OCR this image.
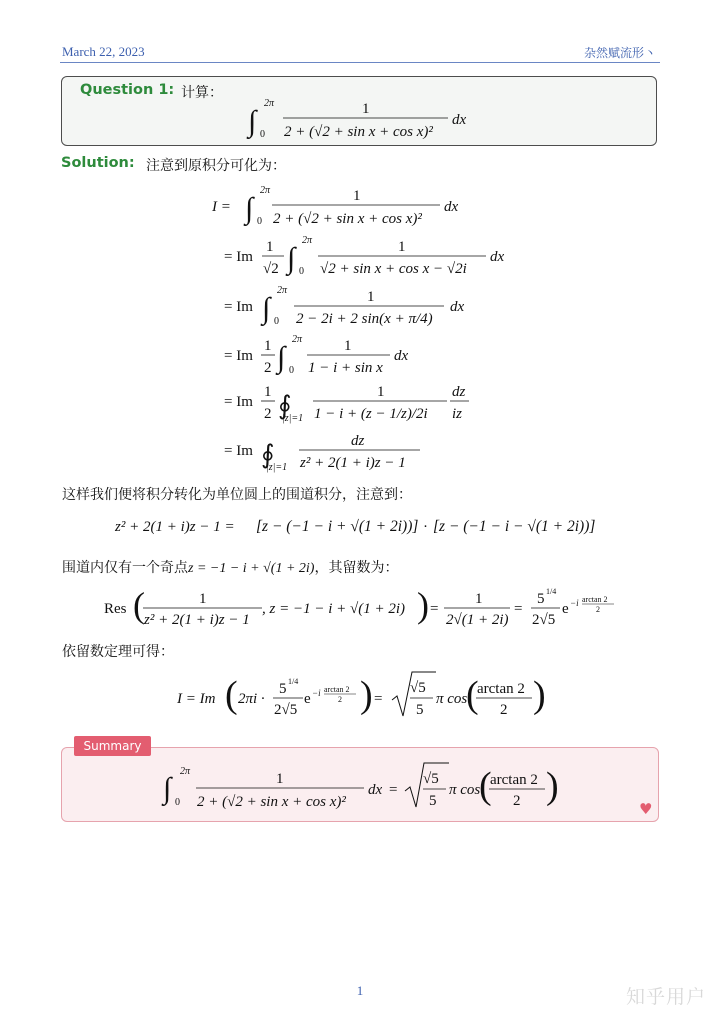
March 22, 2023	杂然赋流形丶
Question 1: 计算：
Solution: 注意到原积分可化为：
这样我们便将积分转化为单位圆上的围道积分，注意到：
围道内仅有一个奇点z = −1 − i + √(1 + 2i)，其留数为：
依留数定理可得：
Summary
♥
1	知乎用户
∫
2π
0
1
2 + (√2 + sin x + cos x)²
dx
I = ∫
2π
0
1
2 + (√2 + sin x + cos x)²
dx
= Im
1
√2 ∫
2π
0
1
√2 + sin x + cos x − √2i
dx
= Im ∫
2π
0
1
2 − 2i + 2 sin(x + π/4)
dx
= Im
1
2 ∫
2π
0
1
1 − i + sin x
dx
= Im
1
2 ∮
|z|=1
1
1 − i + (z − 1/z)/2i
dz
iz
= Im ∮
|z|=1
dz
z² + 2(1 + i)z − 1
z² + 2(1 + i)z − 1 = [z − (−1 − i + √(1 + 2i))] · [z − (−1 − i − √(1 + 2i))]
Res (	1
z² + 2(1 + i)z − 1
, z = −1 − i + √(1 + 2i) ) =
1
2√(1 + 2i)
=
5 1/4
2√5
e −i arctan 2
2
I = Im ( 2πi ·
5 1/4
2√5
e −i arctan 2
2 ) =
√5
5
π cos
(
arctan 2
2 )
∫
2π
0
1
2 + (√2 + sin x + cos x)²
dx =
√5
5
π cos
(
arctan 2
2 )
